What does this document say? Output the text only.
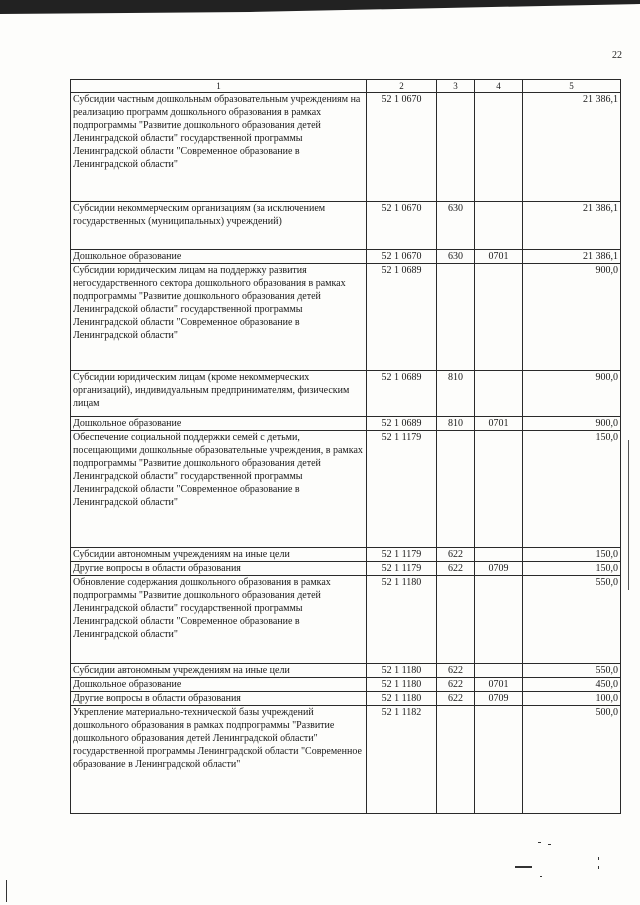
22
1	2	3	4	5
Субсидии частным дошкольным образовательным учреждениям на реализацию программ дошкольного образования в рамках подпрограммы "Развитие дошкольного образования детей Ленинградской области" государственной программы Ленинградской области "Современное образование в Ленинградской области"	52 1 0670			21 386,1
Субсидии некоммерческим организациям (за исключением государственных (муниципальных) учреждений)	52 1 0670	630		21 386,1
Дошкольное образование	52 1 0670	630	0701	21 386,1
Субсидии юридическим лицам на поддержку развития негосударственного сектора дошкольного образования в рамках подпрограммы "Развитие дошкольного образования детей Ленинградской области" государственной программы Ленинградской области "Современное образование в Ленинградской области"	52 1 0689			900,0
Субсидии юридическим лицам (кроме некоммерческих организаций), индивидуальным предпринимателям, физическим лицам	52 1 0689	810		900,0
Дошкольное образование	52 1 0689	810	0701	900,0
Обеспечение социальной поддержки семей с детьми, посещающими дошкольные образовательные учреждения, в рамках подпрограммы "Развитие дошкольного образования детей Ленинградской области" государственной программы Ленинградской области "Современное образование в Ленинградской области"	52 1 1179			150,0
Субсидии автономным учреждениям на иные цели	52 1 1179	622		150,0
Другие вопросы в области образования	52 1 1179	622	0709	150,0
Обновление содержания дошкольного образования в рамках подпрограммы "Развитие дошкольного образования детей Ленинградской области" государственной программы Ленинградской области "Современное образование в Ленинградской области"	52 1 1180			550,0
Субсидии автономным учреждениям на иные цели	52 1 1180	622		550,0
Дошкольное образование	52 1 1180	622	0701	450,0
Другие вопросы в области образования	52 1 1180	622	0709	100,0
Укрепление материально-технической базы учреждений дошкольного образования в рамках подпрограммы "Развитие дошкольного образования детей Ленинградской области" государственной программы Ленинградской области "Современное образование в Ленинградской области"	52 1 1182			500,0
